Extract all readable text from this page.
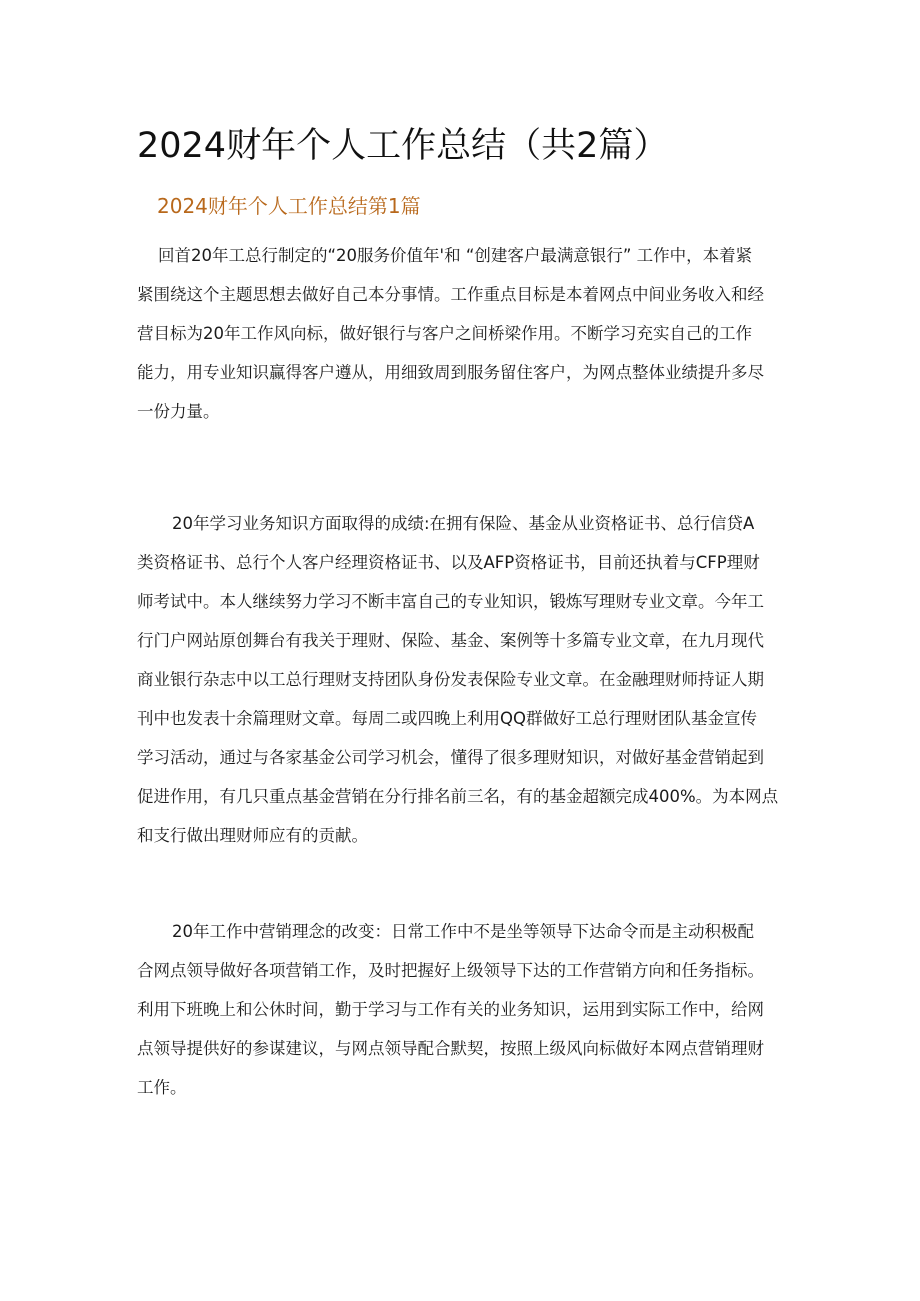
2024财年个人工作总结（共2篇）
2024财年个人工作总结第1篇

回首20年工总行制定的“20服务价值年'和 “创建客户最满意银行” 工作中，本着紧
紧围绕这个主题思想去做好自己本分事情。工作重点目标是本着网点中间业务收入和经
营目标为20年工作风向标，做好银行与客户之间桥梁作用。不断学习充实自己的工作
能力，用专业知识赢得客户遵从，用细致周到服务留住客户，为网点整体业绩提升多尽
一份力量。

20年学习业务知识方面取得的成绩:在拥有保险、基金从业资格证书、总行信贷A
类资格证书、总行个人客户经理资格证书、以及AFP资格证书，目前还执着与CFP理财
师考试中。本人继续努力学习不断丰富自己的专业知识，锻炼写理财专业文章。今年工
行门户网站原创舞台有我关于理财、保险、基金、案例等十多篇专业文章，在九月现代
商业银行杂志中以工总行理财支持团队身份发表保险专业文章。在金融理财师持证人期
刊中也发表十余篇理财文章。每周二或四晚上利用QQ群做好工总行理财团队基金宣传
学习活动，通过与各家基金公司学习机会，懂得了很多理财知识，对做好基金营销起到
促进作用，有几只重点基金营销在分行排名前三名，有的基金超额完成400%。为本网点
和支行做出理财师应有的贡献。

20年工作中营销理念的改变：日常工作中不是坐等领导下达命令而是主动积极配
合网点领导做好各项营销工作，及时把握好上级领导下达的工作营销方向和任务指标。
利用下班晚上和公休时间，勤于学习与工作有关的业务知识，运用到实际工作中，给网
点领导提供好的参谋建议，与网点领导配合默契，按照上级风向标做好本网点营销理财
工作。
